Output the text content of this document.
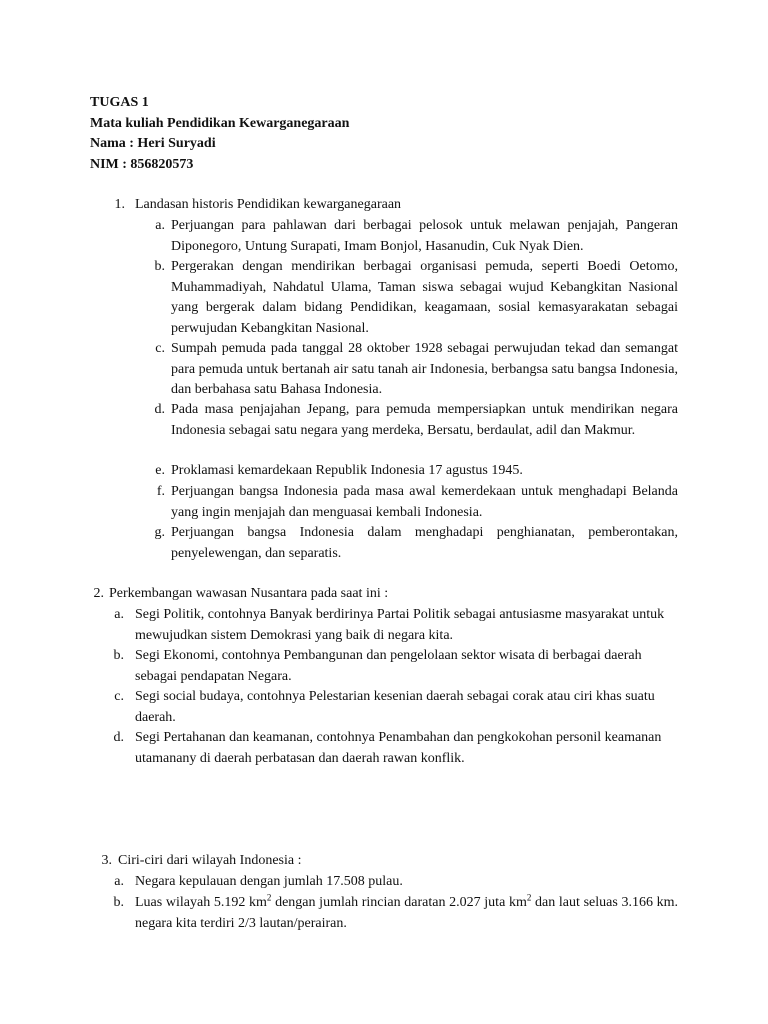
TUGAS 1
Mata kuliah Pendidikan Kewarganegaraan
Nama : Heri Suryadi
NIM : 856820573
1. Landasan historis Pendidikan kewarganegaraan
a. Perjuangan para pahlawan dari berbagai pelosok untuk melawan penjajah, Pangeran Diponegoro, Untung Surapati, Imam Bonjol, Hasanudin, Cuk Nyak Dien.
b. Pergerakan dengan mendirikan berbagai organisasi pemuda, seperti Boedi Oetomo, Muhammadiyah, Nahdatul Ulama, Taman siswa sebagai wujud Kebangkitan Nasional yang bergerak dalam bidang Pendidikan, keagamaan, sosial kemasyarakatan sebagai perwujudan Kebangkitan Nasional.
c. Sumpah pemuda pada tanggal 28 oktober 1928 sebagai perwujudan tekad dan semangat para pemuda untuk bertanah air satu tanah air Indonesia, berbangsa satu bangsa Indonesia, dan berbahasa satu Bahasa Indonesia.
d. Pada masa penjajahan Jepang, para pemuda mempersiapkan untuk mendirikan negara Indonesia sebagai satu negara yang merdeka, Bersatu, berdaulat, adil dan Makmur.
e. Proklamasi kemardekaan Republik Indonesia 17 agustus 1945.
f. Perjuangan bangsa Indonesia pada masa awal kemerdekaan untuk menghadapi Belanda yang ingin menjajah dan menguasai kembali Indonesia.
g. Perjuangan bangsa Indonesia dalam menghadapi penghianatan, pemberontakan, penyelewengan, dan separatis.
2. Perkembangan wawasan Nusantara pada saat ini :
a. Segi Politik, contohnya Banyak berdirinya Partai Politik sebagai antusiasme masyarakat untuk mewujudkan sistem Demokrasi yang baik di negara kita.
b. Segi Ekonomi, contohnya Pembangunan dan pengelolaan sektor wisata di berbagai daerah sebagai pendapatan Negara.
c. Segi social budaya, contohnya Pelestarian kesenian daerah sebagai corak atau ciri khas suatu daerah.
d. Segi Pertahanan dan keamanan, contohnya Penambahan dan pengkokohan personil keamanan utamanany di daerah perbatasan dan daerah rawan konflik.
3. Ciri-ciri dari wilayah Indonesia :
a. Negara kepulauan dengan jumlah 17.508 pulau.
b. Luas wilayah 5.192 $km^2$ dengan jumlah rincian daratan 2.027 juta $km^2$ dan laut seluas 3.166 km. negara kita terdiri 2/3 lautan/perairan.
